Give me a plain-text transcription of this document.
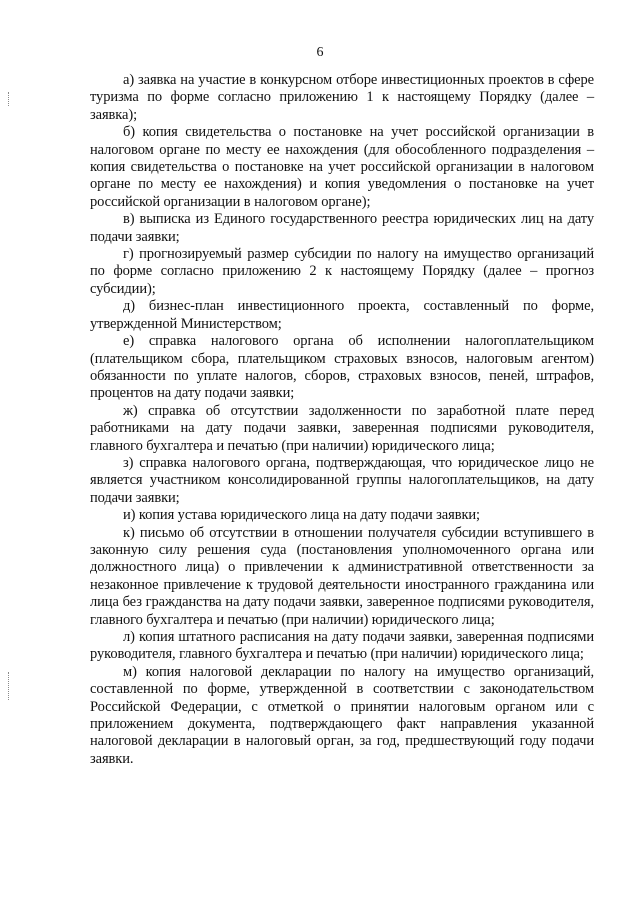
6

а) заявка на участие в конкурсном отборе инвестиционных проектов в сфере туризма по форме согласно приложению 1 к настоящему Порядку (далее – заявка);

б) копия свидетельства о постановке на учет российской организации в налоговом органе по месту ее нахождения (для обособленного подразделения – копия свидетельства о постановке на учет российской организации в налоговом органе по месту ее нахождения) и копия уведомления о постановке на учет российской организации в налоговом органе);

в) выписка из Единого государственного реестра юридических лиц на дату подачи заявки;

г) прогнозируемый размер субсидии по налогу на имущество организаций по форме согласно приложению 2 к настоящему Порядку (далее – прогноз субсидии);

д) бизнес-план инвестиционного проекта, составленный по форме, утвержденной Министерством;

е) справка налогового органа об исполнении налогоплательщиком (плательщиком сбора, плательщиком страховых взносов, налоговым агентом) обязанности по уплате налогов, сборов, страховых взносов, пеней, штрафов, процентов на дату подачи заявки;

ж) справка об отсутствии задолженности по заработной плате перед работниками на дату подачи заявки, заверенная подписями руководителя, главного бухгалтера и печатью (при наличии) юридического лица;

з) справка налогового органа, подтверждающая, что юридическое лицо не является участником консолидированной группы налогоплательщиков, на дату подачи заявки;

и) копия устава юридического лица на дату подачи заявки;

к) письмо об отсутствии в отношении получателя субсидии вступившего в законную силу решения суда (постановления уполномоченного органа или должностного лица) о привлечении к административной ответственности за незаконное привлечение к трудовой деятельности иностранного гражданина или лица без гражданства на дату подачи заявки, заверенное подписями руководителя, главного бухгалтера и печатью (при наличии) юридического лица;

л) копия штатного расписания на дату подачи заявки, заверенная подписями руководителя, главного бухгалтера и печатью (при наличии) юридического лица;

м) копия налоговой декларации по налогу на имущество организаций, составленной по форме, утвержденной в соответствии с законодательством Российской Федерации, с отметкой о принятии налоговым органом или с приложением документа, подтверждающего факт направления указанной налоговой декларации в налоговый орган, за год, предшествующий году подачи заявки.
